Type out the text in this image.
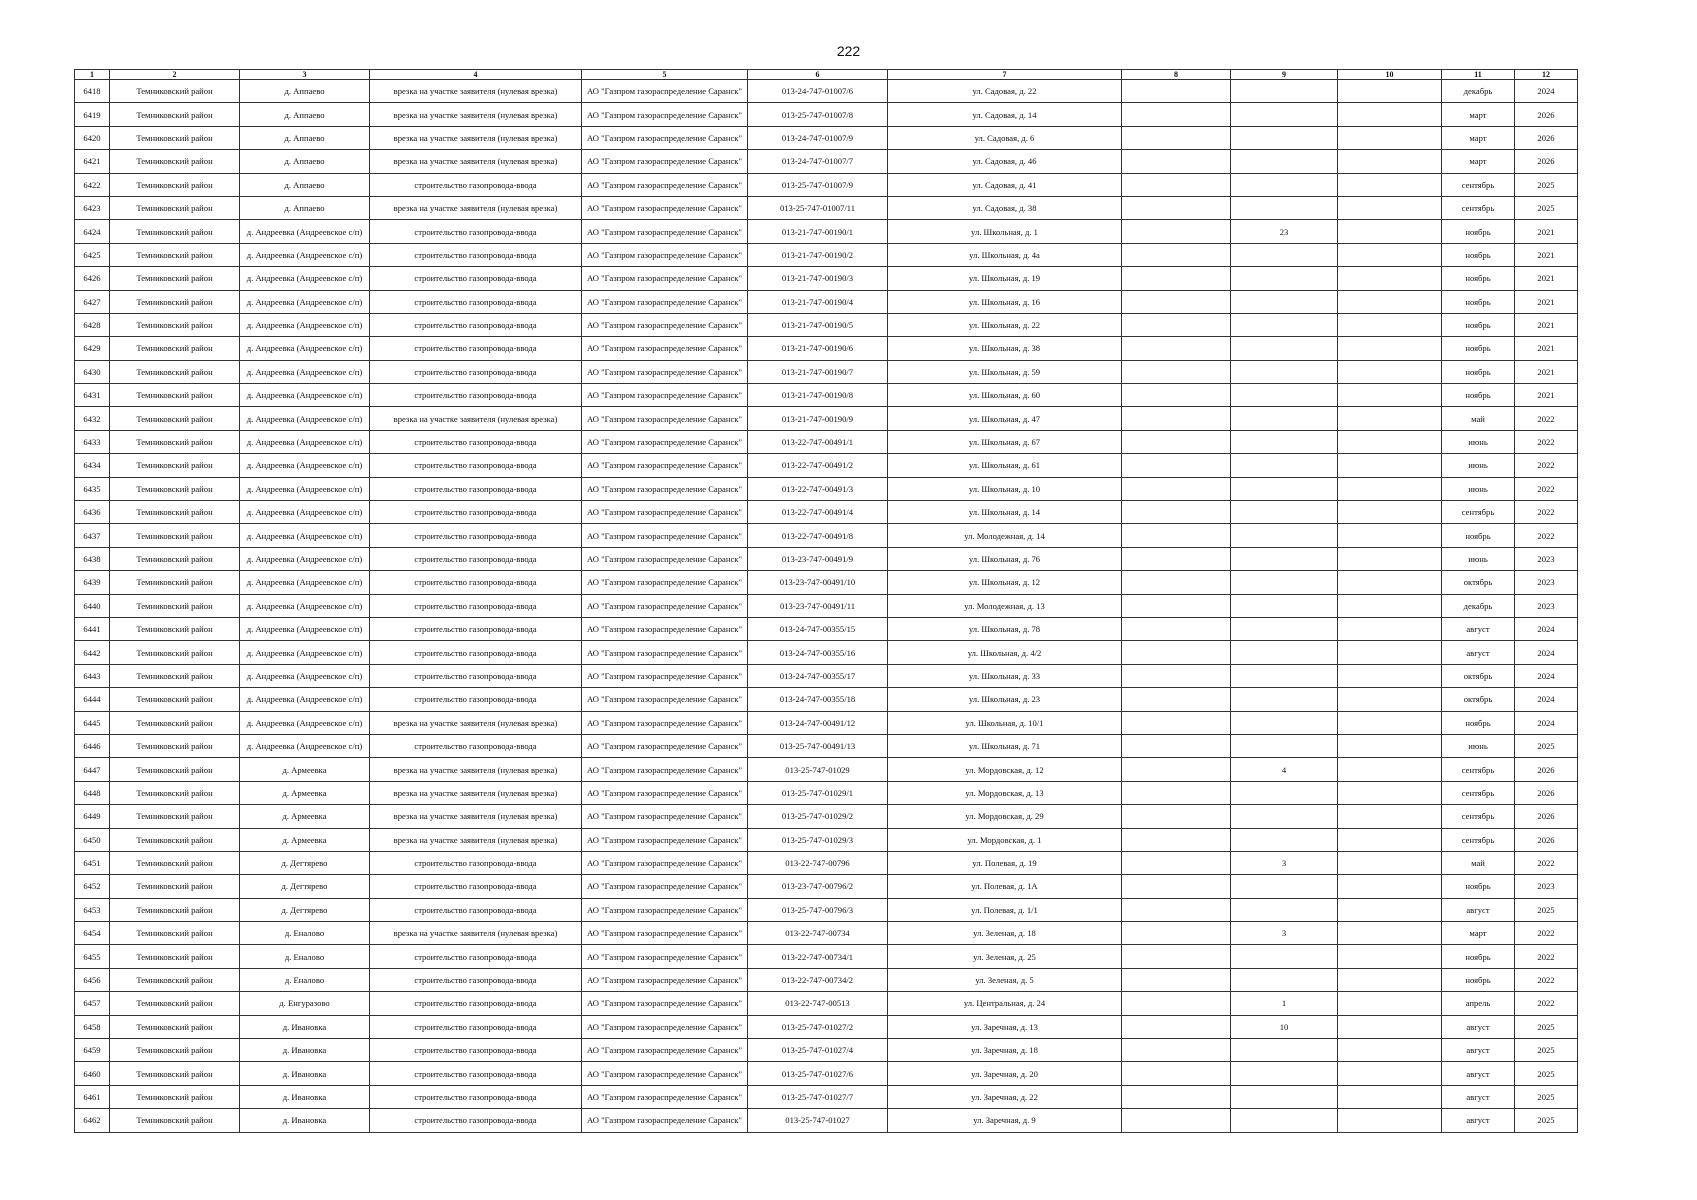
222
1	2	3	4	5	6	7	8	9	10	11	12
6418	Темниковский район	д. Аппаево	врезка на участке заявителя (нулевая врезка)	АО "Газпром газораспределение Саранск"	013-24-747-01007/6	ул. Садовая, д. 22				декабрь	2024
6419	Темниковский район	д. Аппаево	врезка на участке заявителя (нулевая врезка)	АО "Газпром газораспределение Саранск"	013-25-747-01007/8	ул. Садовая, д. 14				март	2026
6420	Темниковский район	д. Аппаево	врезка на участке заявителя (нулевая врезка)	АО "Газпром газораспределение Саранск"	013-24-747-01007/9	ул. Садовая, д. 6				март	2026
6421	Темниковский район	д. Аппаево	врезка на участке заявителя (нулевая врезка)	АО "Газпром газораспределение Саранск"	013-24-747-01007/7	ул. Садовая, д. 46				март	2026
6422	Темниковский район	д. Аппаево	строительство газопровода-ввода	АО "Газпром газораспределение Саранск"	013-25-747-01007/9	ул. Садовая, д. 41				сентябрь	2025
6423	Темниковский район	д. Аппаево	врезка на участке заявителя (нулевая врезка)	АО "Газпром газораспределение Саранск"	013-25-747-01007/11	ул. Садовая, д. 38				сентябрь	2025
6424	Темниковский район	д. Андреевка (Андреевское с/п)	строительство газопровода-ввода	АО "Газпром газораспределение Саранск"	013-21-747-00190/1	ул. Школьная, д. 1		23		ноябрь	2021
6425	Темниковский район	д. Андреевка (Андреевское с/п)	строительство газопровода-ввода	АО "Газпром газораспределение Саранск"	013-21-747-00190/2	ул. Школьная, д. 4а				ноябрь	2021
6426	Темниковский район	д. Андреевка (Андреевское с/п)	строительство газопровода-ввода	АО "Газпром газораспределение Саранск"	013-21-747-00190/3	ул. Школьная, д. 19				ноябрь	2021
6427	Темниковский район	д. Андреевка (Андреевское с/п)	строительство газопровода-ввода	АО "Газпром газораспределение Саранск"	013-21-747-00190/4	ул. Школьная, д. 16				ноябрь	2021
6428	Темниковский район	д. Андреевка (Андреевское с/п)	строительство газопровода-ввода	АО "Газпром газораспределение Саранск"	013-21-747-00190/5	ул. Школьная, д. 22				ноябрь	2021
6429	Темниковский район	д. Андреевка (Андреевское с/п)	строительство газопровода-ввода	АО "Газпром газораспределение Саранск"	013-21-747-00190/6	ул. Школьная, д. 38				ноябрь	2021
6430	Темниковский район	д. Андреевка (Андреевское с/п)	строительство газопровода-ввода	АО "Газпром газораспределение Саранск"	013-21-747-00190/7	ул. Школьная, д. 59				ноябрь	2021
6431	Темниковский район	д. Андреевка (Андреевское с/п)	строительство газопровода-ввода	АО "Газпром газораспределение Саранск"	013-21-747-00190/8	ул. Школьная, д. 60				ноябрь	2021
6432	Темниковский район	д. Андреевка (Андреевское с/п)	врезка на участке заявителя (нулевая врезка)	АО "Газпром газораспределение Саранск"	013-21-747-00190/9	ул. Школьная, д. 47				май	2022
6433	Темниковский район	д. Андреевка (Андреевское с/п)	строительство газопровода-ввода	АО "Газпром газораспределение Саранск"	013-22-747-00491/1	ул. Школьная, д. 67				июнь	2022
6434	Темниковский район	д. Андреевка (Андреевское с/п)	строительство газопровода-ввода	АО "Газпром газораспределение Саранск"	013-22-747-00491/2	ул. Школьная, д. 61				июнь	2022
6435	Темниковский район	д. Андреевка (Андреевское с/п)	строительство газопровода-ввода	АО "Газпром газораспределение Саранск"	013-22-747-00491/3	ул. Школьная, д. 10				июнь	2022
6436	Темниковский район	д. Андреевка (Андреевское с/п)	строительство газопровода-ввода	АО "Газпром газораспределение Саранск"	013-22-747-00491/4	ул. Школьная, д. 14				сентябрь	2022
6437	Темниковский район	д. Андреевка (Андреевское с/п)	строительство газопровода-ввода	АО "Газпром газораспределение Саранск"	013-22-747-00491/8	ул. Молодежная, д. 14				ноябрь	2022
6438	Темниковский район	д. Андреевка (Андреевское с/п)	строительство газопровода-ввода	АО "Газпром газораспределение Саранск"	013-23-747-00491/9	ул. Школьная, д. 76				июнь	2023
6439	Темниковский район	д. Андреевка (Андреевское с/п)	строительство газопровода-ввода	АО "Газпром газораспределение Саранск"	013-23-747-00491/10	ул. Школьная, д. 12				октябрь	2023
6440	Темниковский район	д. Андреевка (Андреевское с/п)	строительство газопровода-ввода	АО "Газпром газораспределение Саранск"	013-23-747-00491/11	ул. Молодежная, д. 13				декабрь	2023
6441	Темниковский район	д. Андреевка (Андреевское с/п)	строительство газопровода-ввода	АО "Газпром газораспределение Саранск"	013-24-747-00355/15	ул. Школьная, д. 78				август	2024
6442	Темниковский район	д. Андреевка (Андреевское с/п)	строительство газопровода-ввода	АО "Газпром газораспределение Саранск"	013-24-747-00355/16	ул. Школьная, д. 4/2				август	2024
6443	Темниковский район	д. Андреевка (Андреевское с/п)	строительство газопровода-ввода	АО "Газпром газораспределение Саранск"	013-24-747-00355/17	ул. Школьная, д. 33				октябрь	2024
6444	Темниковский район	д. Андреевка (Андреевское с/п)	строительство газопровода-ввода	АО "Газпром газораспределение Саранск"	013-24-747-00355/18	ул. Школьная, д. 23				октябрь	2024
6445	Темниковский район	д. Андреевка (Андреевское с/п)	врезка на участке заявителя (нулевая врезка)	АО "Газпром газораспределение Саранск"	013-24-747-00491/12	ул. Школьная, д. 10/1				ноябрь	2024
6446	Темниковский район	д. Андреевка (Андреевское с/п)	строительство газопровода-ввода	АО "Газпром газораспределение Саранск"	013-25-747-00491/13	ул. Школьная, д. 71				июнь	2025
6447	Темниковский район	д. Армеевка	врезка на участке заявителя (нулевая врезка)	АО "Газпром газораспределение Саранск"	013-25-747-01029	ул. Мордовская, д. 12		4		сентябрь	2026
6448	Темниковский район	д. Армеевка	врезка на участке заявителя (нулевая врезка)	АО "Газпром газораспределение Саранск"	013-25-747-01029/1	ул. Мордовская, д. 13				сентябрь	2026
6449	Темниковский район	д. Армеевка	врезка на участке заявителя (нулевая врезка)	АО "Газпром газораспределение Саранск"	013-25-747-01029/2	ул. Мордовская, д. 29				сентябрь	2026
6450	Темниковский район	д. Армеевка	врезка на участке заявителя (нулевая врезка)	АО "Газпром газораспределение Саранск"	013-25-747-01029/3	ул. Мордовская, д. 1				сентябрь	2026
6451	Темниковский район	д. Дегтярево	строительство газопровода-ввода	АО "Газпром газораспределение Саранск"	013-22-747-00796	ул. Полевая, д. 19		3		май	2022
6452	Темниковский район	д. Дегтярево	строительство газопровода-ввода	АО "Газпром газораспределение Саранск"	013-23-747-00796/2	ул. Полевая, д. 1А				ноябрь	2023
6453	Темниковский район	д. Дегтярево	строительство газопровода-ввода	АО "Газпром газораспределение Саранск"	013-25-747-00796/3	ул. Полевая, д. 1/1				август	2025
6454	Темниковский район	д. Еналово	врезка на участке заявителя (нулевая врезка)	АО "Газпром газораспределение Саранск"	013-22-747-00734	ул. Зеленая, д. 18		3		март	2022
6455	Темниковский район	д. Еналово	строительство газопровода-ввода	АО "Газпром газораспределение Саранск"	013-22-747-00734/1	ул. Зеленая, д. 25				ноябрь	2022
6456	Темниковский район	д. Еналово	строительство газопровода-ввода	АО "Газпром газораспределение Саранск"	013-22-747-00734/2	ул. Зеленая, д. 5				ноябрь	2022
6457	Темниковский район	д. Енгуразово	строительство газопровода-ввода	АО "Газпром газораспределение Саранск"	013-22-747-00513	ул. Центральная, д. 24		1		апрель	2022
6458	Темниковский район	д. Ивановка	строительство газопровода-ввода	АО "Газпром газораспределение Саранск"	013-25-747-01027/2	ул. Заречная, д. 13		10		август	2025
6459	Темниковский район	д. Ивановка	строительство газопровода-ввода	АО "Газпром газораспределение Саранск"	013-25-747-01027/4	ул. Заречная, д. 18				август	2025
6460	Темниковский район	д. Ивановка	строительство газопровода-ввода	АО "Газпром газораспределение Саранск"	013-25-747-01027/6	ул. Заречная, д. 20				август	2025
6461	Темниковский район	д. Ивановка	строительство газопровода-ввода	АО "Газпром газораспределение Саранск"	013-25-747-01027/7	ул. Заречная, д. 22				август	2025
6462	Темниковский район	д. Ивановка	строительство газопровода-ввода	АО "Газпром газораспределение Саранск"	013-25-747-01027	ул. Заречная, д. 9				август	2025
